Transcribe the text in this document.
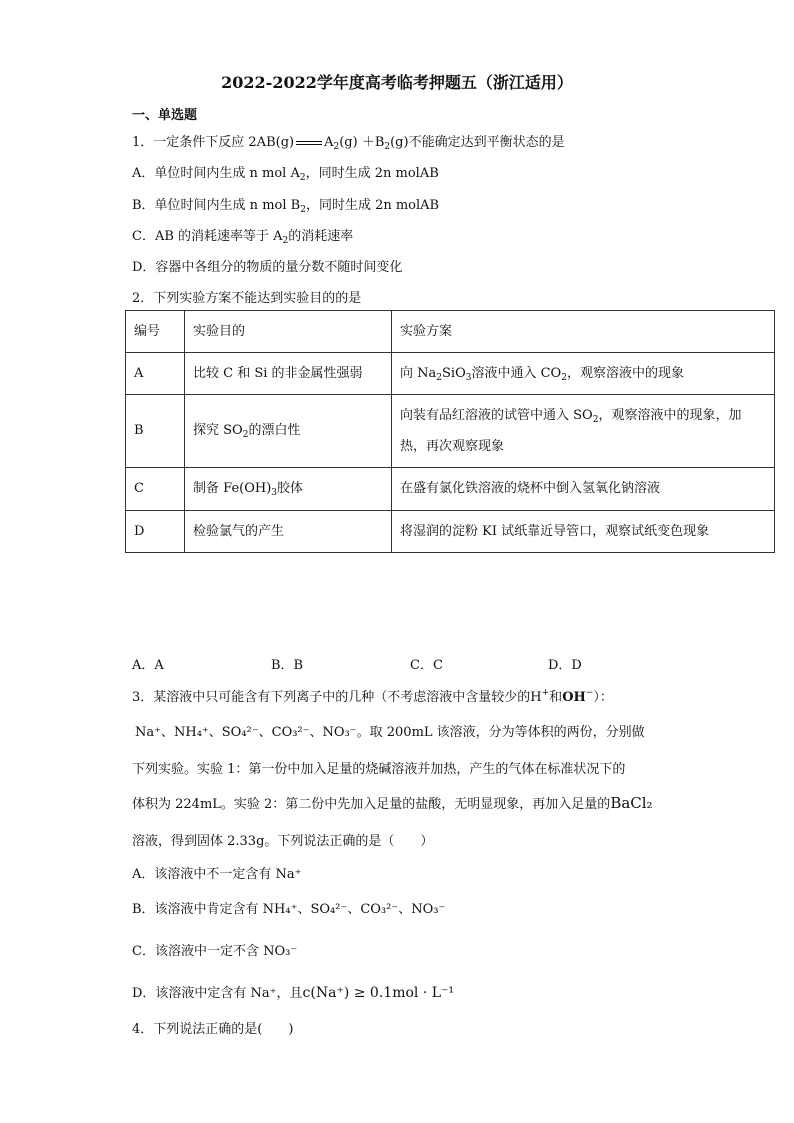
2022-2022学年度高考临考押题五（浙江适用）
一、单选题
1．一定条件下反应 2AB(g) $A_2(g) +B_2(g)$不能确定达到平衡状态的是
A．单位时间内生成 n mol $A_2$，同时生成 2n molAB
B．单位时间内生成 n mol $B_2$，同时生成 2n molAB
C．AB 的消耗速率等于 $A_2$的消耗速率
D．容器中各组分的物质的量分数不随时间变化
2．下列实验方案不能达到实验目的的是
编号	实验目的	实验方案
A	比较 C 和 Si 的非金属性强弱	向 $Na_2SiO_3$溶液中通入 $CO_2$，观察溶液中的现象
B	探究 $SO_2$的漂白性	向装有品红溶液的试管中通入 $SO_2$，观察溶液中的现象，加
热，再次观察现象
C	制备 $Fe(OH)_3$胶体	在盛有氯化铁溶液的烧杯中倒入氢氧化钠溶液
D	检验氯气的产生	将湿润的淀粉 KI 试纸靠近导管口，观察试纸变色现象
A．A	B．B	C．C	D．D
3．某溶液中只可能含有下列离子中的几种（不考虑溶液中含量较少的H+和OH−）：
Na⁺、NH₄⁺、SO₄²⁻、CO₃²⁻、NO₃⁻。取 200mL 该溶液，分为等体积的两份，分别做
下列实验。实验 1：第一份中加入足量的烧碱溶液并加热，产生的气体在标准状况下的
体积为 224mL。实验 2：第二份中先加入足量的盐酸，无明显现象，再加入足量的BaCl₂
溶液，得到固体 2.33g。下列说法正确的是（　　）
A．该溶液中不一定含有 Na⁺
B．该溶液中肯定含有 NH₄⁺、SO₄²⁻、CO₃²⁻、NO₃⁻
C．该溶液中一定不含 NO₃⁻
D．该溶液中定含有 Na⁺，且c(Na⁺) ≥ 0.1mol · L⁻¹
4．下列说法正确的是(　　)
